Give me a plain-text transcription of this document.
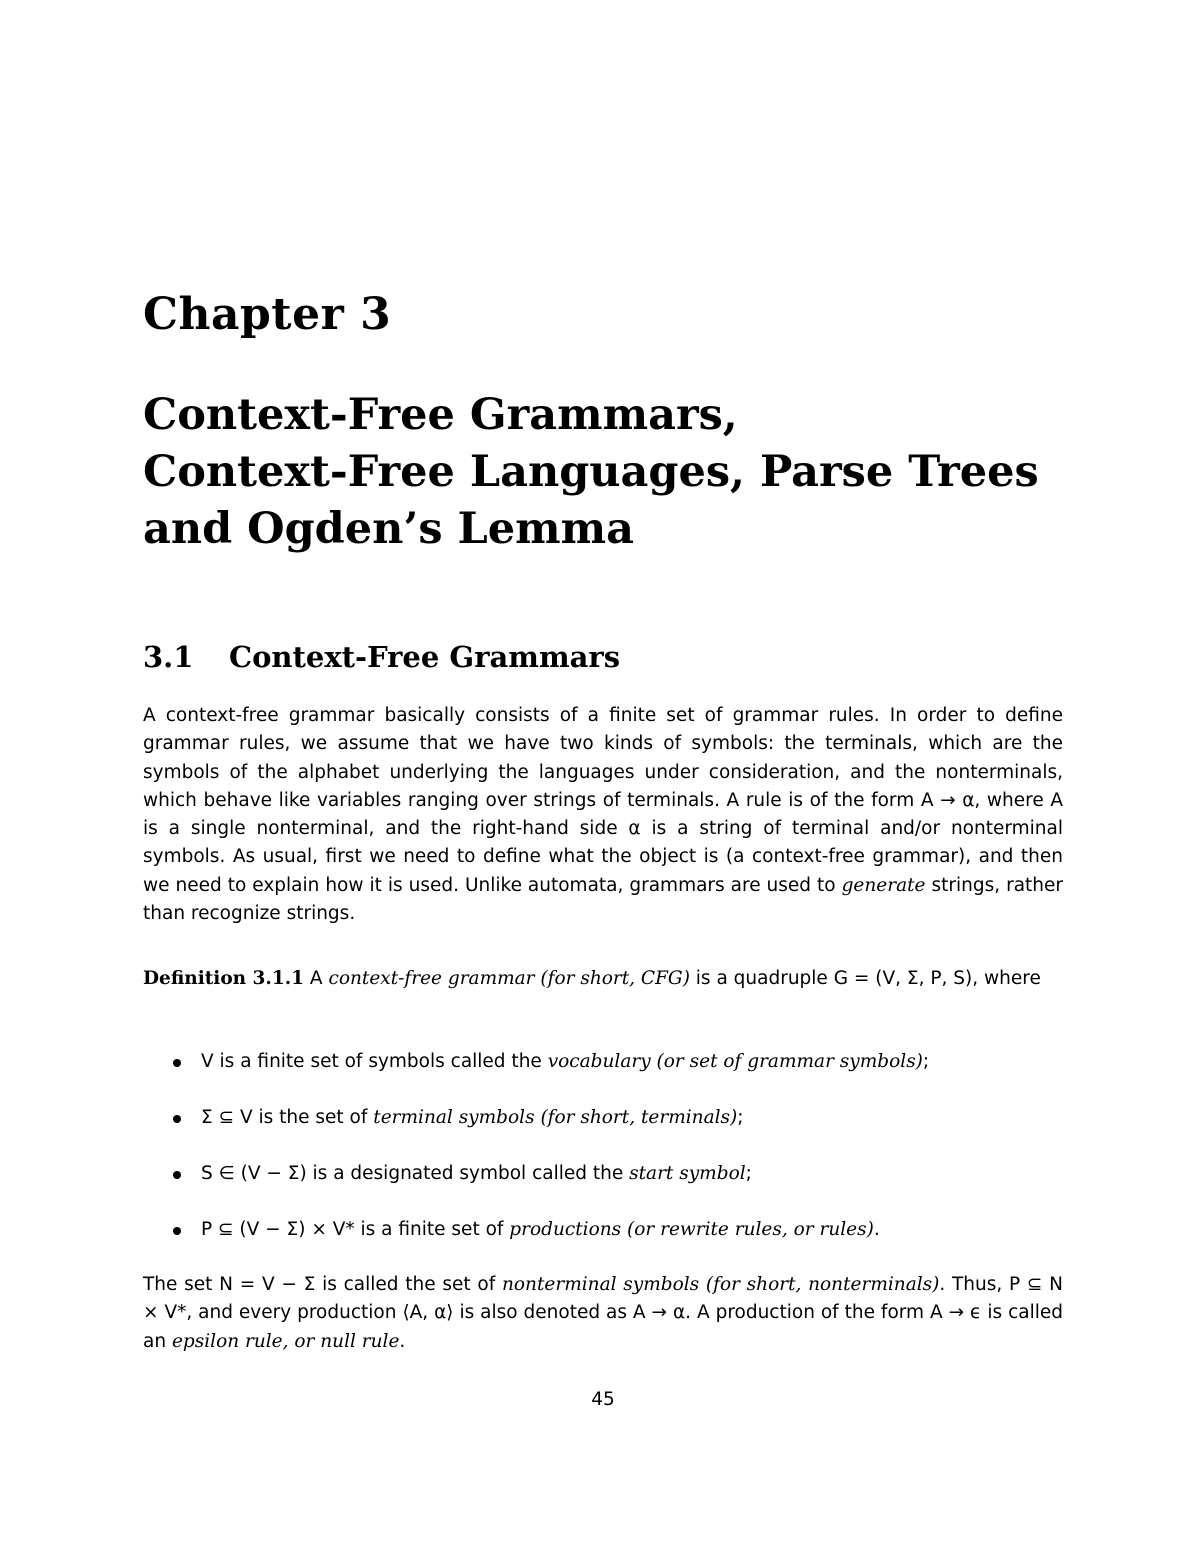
Chapter 3
Context-Free Grammars,
Context-Free Languages, Parse Trees
and Ogden’s Lemma
3.1 Context-Free Grammars

A context-free grammar basically consists of a finite set of grammar rules. In order to define grammar rules, we assume that we have two kinds of symbols: the terminals, which are the symbols of the alphabet underlying the languages under consideration, and the nonterminals, which behave like variables ranging over strings of terminals. A rule is of the form A → α, where A is a single nonterminal, and the right-hand side α is a string of terminal and/or nonterminal symbols. As usual, first we need to define what the object is (a context-free grammar), and then we need to explain how it is used. Unlike automata, grammars are used to generate strings, rather than recognize strings.

Definition 3.1.1 A context-free grammar (for short, CFG) is a quadruple G = (V, Σ, P, S), where

V is a finite set of symbols called the vocabulary (or set of grammar symbols);
Σ ⊆ V is the set of terminal symbols (for short, terminals);
S ∈ (V − Σ) is a designated symbol called the start symbol;
P ⊆ (V − Σ) × V* is a finite set of productions (or rewrite rules, or rules).

The set N = V − Σ is called the set of nonterminal symbols (for short, nonterminals). Thus, P ⊆ N × V*, and every production ⟨A, α⟩ is also denoted as A → α. A production of the form A → ϵ is called an epsilon rule, or null rule.

45
